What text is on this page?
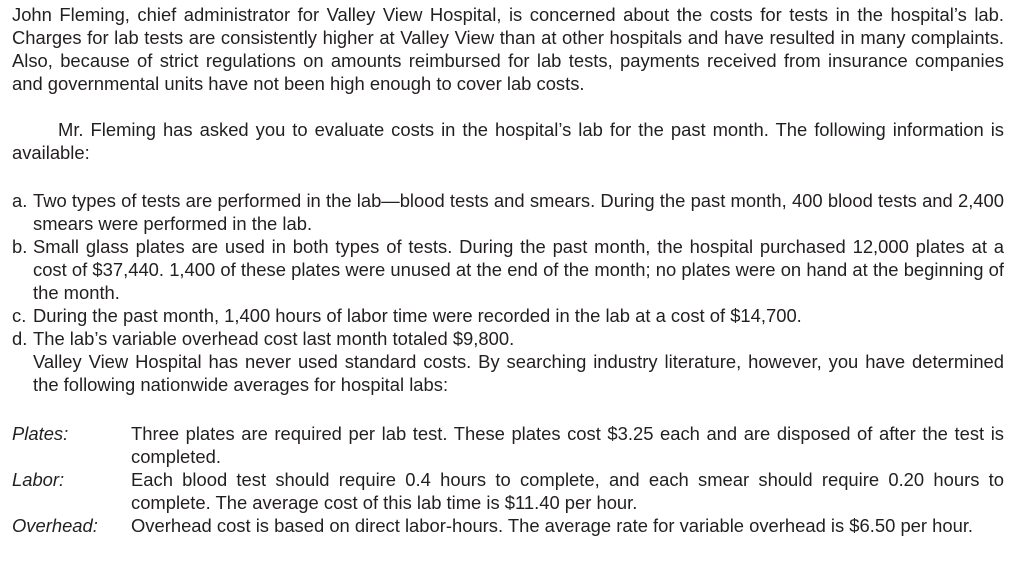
John Fleming, chief administrator for Valley View Hospital, is concerned about the costs for tests in the hospital’s lab. Charges for lab tests are consistently higher at Valley View than at other hospitals and have resulted in many complaints. Also, because of strict regulations on amounts reimbursed for lab tests, payments received from insurance companies and governmental units have not been high enough to cover lab costs.
Mr. Fleming has asked you to evaluate costs in the hospital’s lab for the past month. The following information is available:
a. Two types of tests are performed in the lab—blood tests and smears. During the past month, 400 blood tests and 2,400 smears were performed in the lab.
b. Small glass plates are used in both types of tests. During the past month, the hospital purchased 12,000 plates at a cost of $37,440. 1,400 of these plates were unused at the end of the month; no plates were on hand at the beginning of the month.
c. During the past month, 1,400 hours of labor time were recorded in the lab at a cost of $14,700.
d. The lab’s variable overhead cost last month totaled $9,800.
Valley View Hospital has never used standard costs. By searching industry literature, however, you have determined the following nationwide averages for hospital labs:
Plates:	Three plates are required per lab test. These plates cost $3.25 each and are disposed of after the test is completed.
Labor:	Each blood test should require 0.4 hours to complete, and each smear should require 0.20 hours to complete. The average cost of this lab time is $11.40 per hour.
Overhead: Overhead cost is based on direct labor-hours. The average rate for variable overhead is $6.50 per hour.
